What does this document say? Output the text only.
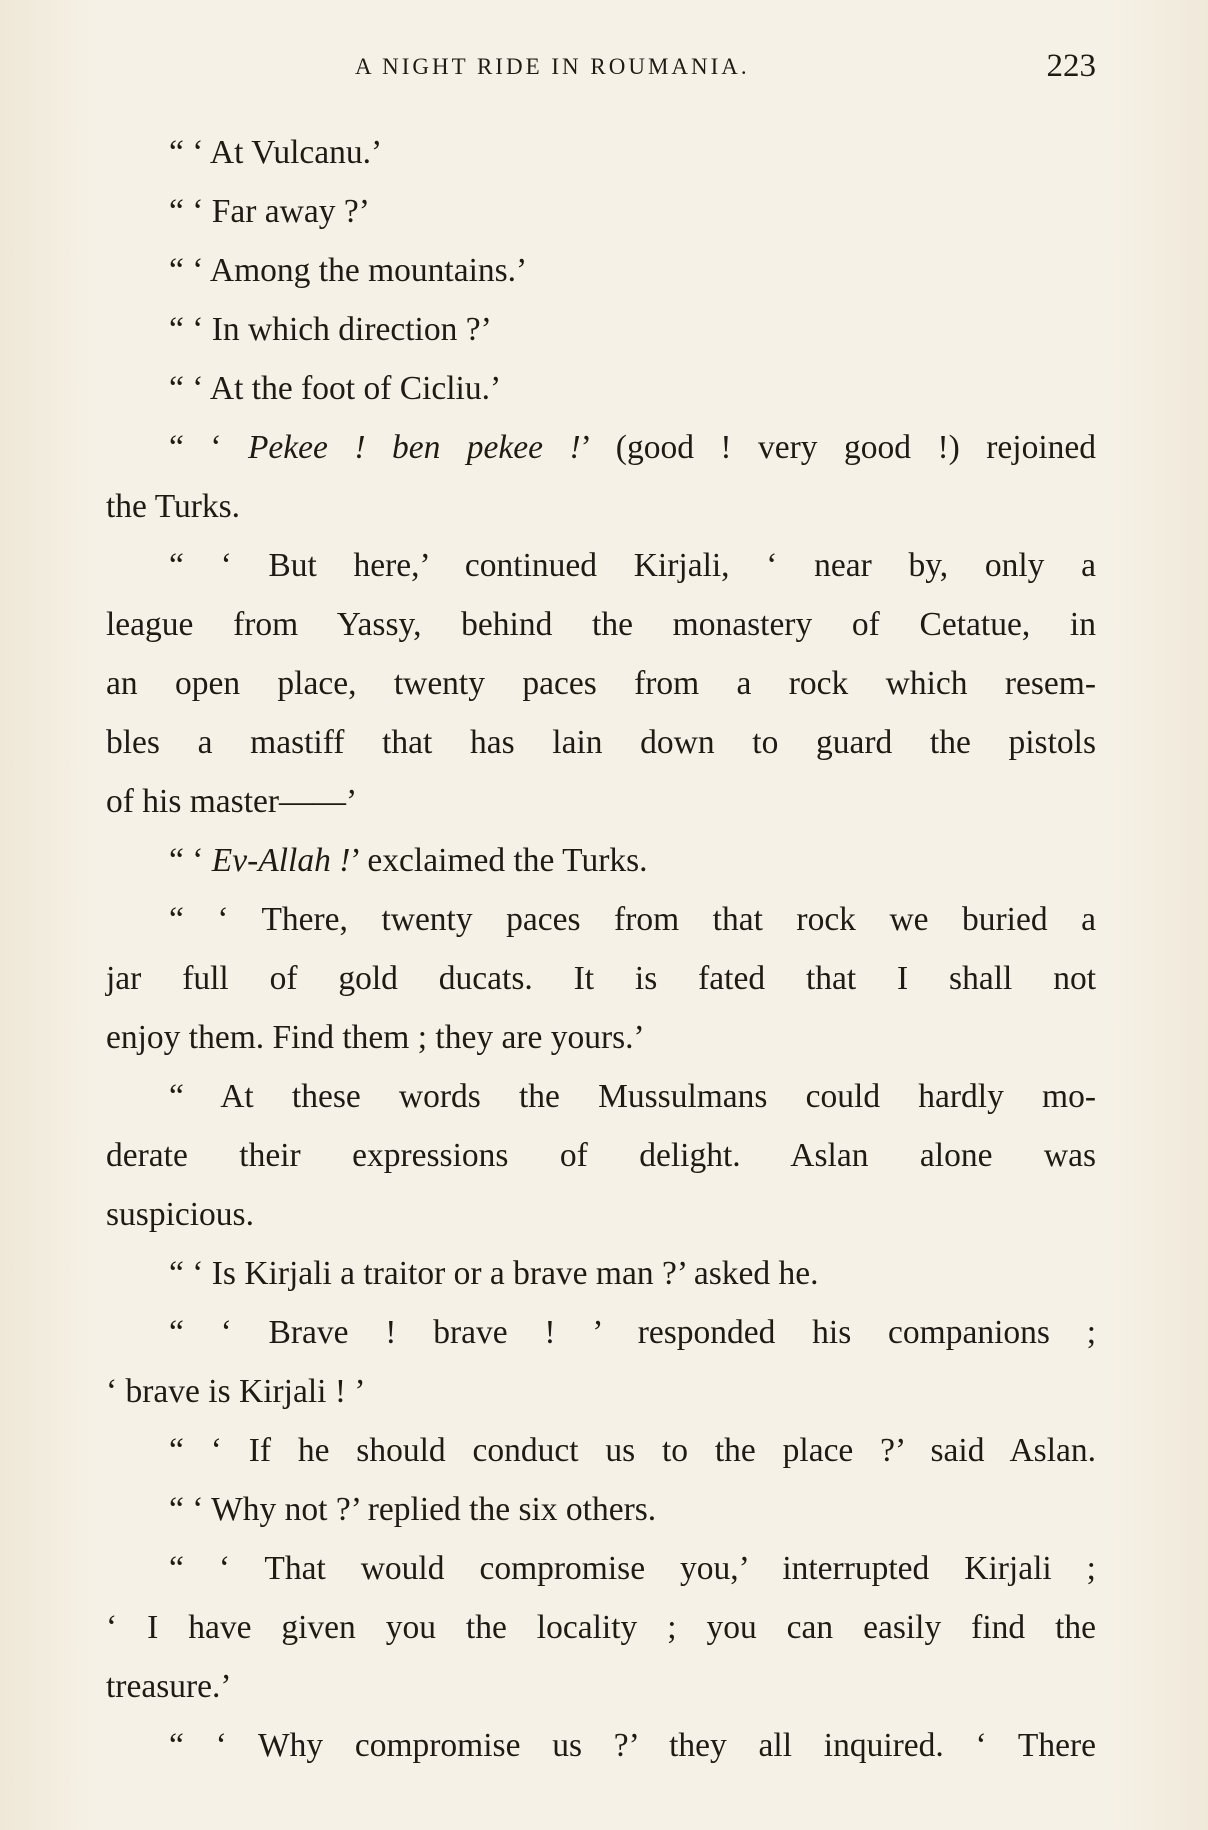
A NIGHT RIDE IN ROUMANIA.	223
“ ‘ At Vulcanu.’
“ ‘ Far away ?’
“ ‘ Among the mountains.’
“ ‘ In which direction ?’
“ ‘ At the foot of Cicliu.’
“ ‘ Pekee ! ben pekee !’ (good ! very good !) rejoined
the Turks.
“ ‘ But here,’ continued Kirjali, ‘ near by, only a
league from Yassy, behind the monastery of Cetatue, in
an open place, twenty paces from a rock which resem-
bles a mastiff that has lain down to guard the pistols
of his master——’
“ ‘ Ev-Allah !’ exclaimed the Turks.
“ ‘ There, twenty paces from that rock we buried a
jar full of gold ducats. It is fated that I shall not
enjoy them. Find them ; they are yours.’
“ At these words the Mussulmans could hardly mo-
derate their expressions of delight. Aslan alone was
suspicious.
“ ‘ Is Kirjali a traitor or a brave man ?’ asked he.
“ ‘ Brave ! brave ! ’ responded his companions ;
‘ brave is Kirjali ! ’
“ ‘ If he should conduct us to the place ?’ said Aslan.
“ ‘ Why not ?’ replied the six others.
“ ‘ That would compromise you,’ interrupted Kirjali ;
‘ I have given you the locality ; you can easily find the
treasure.’
“ ‘ Why compromise us ?’ they all inquired. ‘ There
